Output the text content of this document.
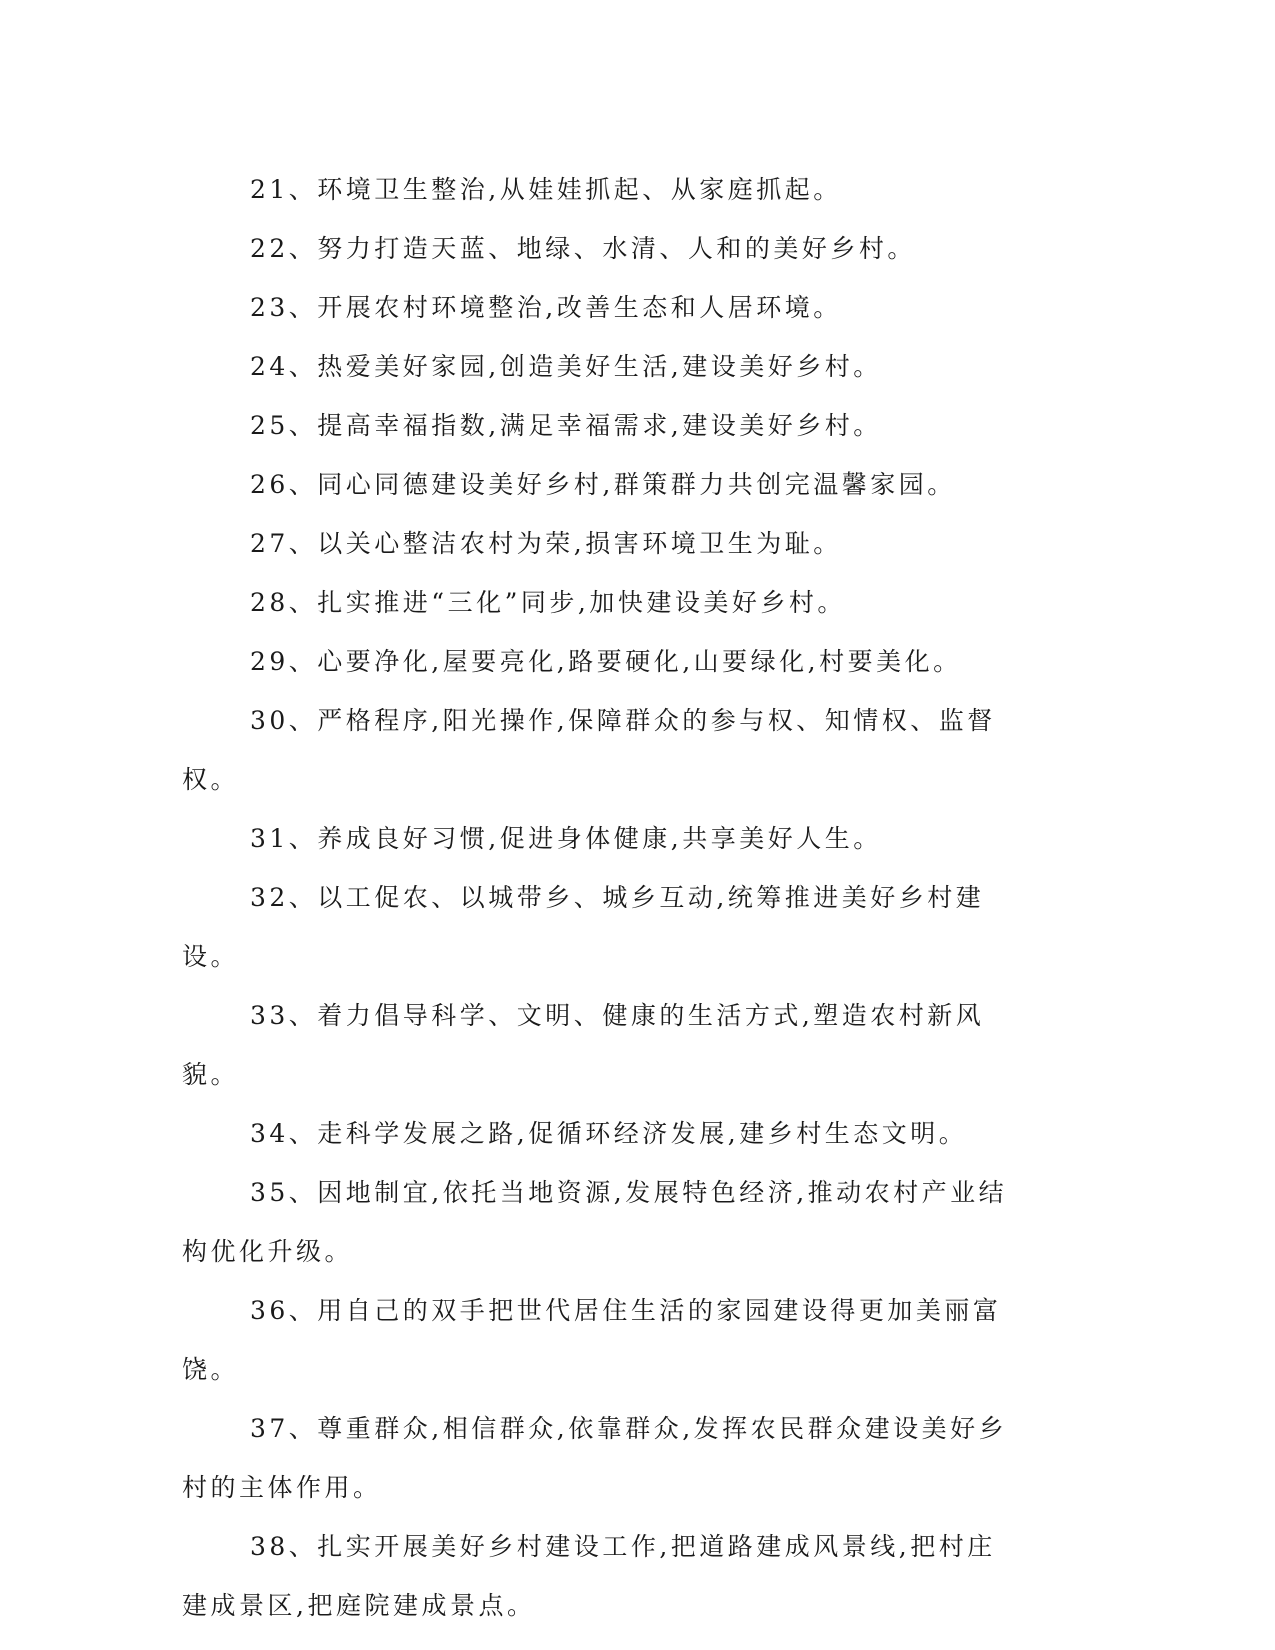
21、环境卫生整治,从娃娃抓起、从家庭抓起。

22、努力打造天蓝、地绿、水清、人和的美好乡村。

23、开展农村环境整治,改善生态和人居环境。

24、热爱美好家园,创造美好生活,建设美好乡村。

25、提高幸福指数,满足幸福需求,建设美好乡村。

26、同心同德建设美好乡村,群策群力共创完温馨家园。

27、以关心整洁农村为荣,损害环境卫生为耻。

28、扎实推进“三化”同步,加快建设美好乡村。

29、心要净化,屋要亮化,路要硬化,山要绿化,村要美化。

30、严格程序,阳光操作,保障群众的参与权、知情权、监督权。

31、养成良好习惯,促进身体健康,共享美好人生。

32、以工促农、以城带乡、城乡互动,统筹推进美好乡村建设。

33、着力倡导科学、文明、健康的生活方式,塑造农村新风貌。

34、走科学发展之路,促循环经济发展,建乡村生态文明。

35、因地制宜,依托当地资源,发展特色经济,推动农村产业结构优化升级。

36、用自己的双手把世代居住生活的家园建设得更加美丽富饶。

37、尊重群众,相信群众,依靠群众,发挥农民群众建设美好乡村的主体作用。

38、扎实开展美好乡村建设工作,把道路建成风景线,把村庄建成景区,把庭院建成景点。
